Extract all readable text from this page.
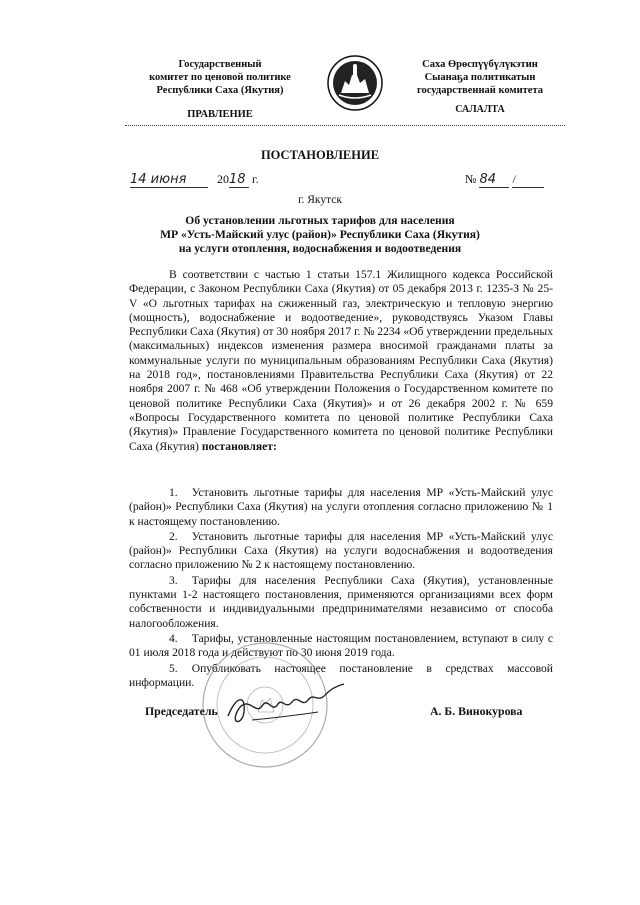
Государственный
комитет по ценовой политике
Республики Саха (Якутия)
Саха Өрөспүүбүлүкэтин
Сыанаҕа политикатын
государственнай комитета
ПРАВЛЕНИЕ	САЛАЛТА
ПОСТАНОВЛЕНИЕ
14 июня	2018 г.	№ 84 /
г. Якутск
Об установлении льготных тарифов для населения
МР «Усть-Майский улус (район)» Республики Саха (Якутия)
на услуги отопления, водоснабжения и водоотведения
В соответствии с частью 1 статьи 157.1 Жилищного кодекса Российской Федерации, с Законом Республики Саха (Якутия) от 05 декабря 2013 г. 1235-З № 25-V «О льготных тарифах на сжиженный газ, электрическую и тепловую энергию (мощность), водоснабжение и водоотведение», руководствуясь Указом Главы Республики Саха (Якутия) от 30 ноября 2017 г. № 2234 «Об утверждении предельных (максимальных) индексов изменения размера вносимой гражданами платы за коммунальные услуги по муниципальным образованиям Республики Саха (Якутия) на 2018 год», постановлениями Правительства Республики Саха (Якутия) от 22 ноября 2007 г. № 468 «Об утверждении Положения о Государственном комитете по ценовой политике Республики Саха (Якутия)» и от 26 декабря 2002 г. № 659 «Вопросы Государственного комитета по ценовой политике Республики Саха (Якутия)» Правление Государственного комитета по ценовой политике Республики Саха (Якутия) постановляет:
1. Установить льготные тарифы для населения МР «Усть-Майский улус (район)» Республики Саха (Якутия) на услуги отопления согласно приложению № 1 к настоящему постановлению.
2. Установить льготные тарифы для населения МР «Усть-Майский улус (район)» Республики Саха (Якутия) на услуги водоснабжения и водоотведения согласно приложению № 2 к настоящему постановлению.
3. Тарифы для населения Республики Саха (Якутия), установленные пунктами 1-2 настоящего постановления, применяются организациями всех форм собственности и индивидуальными предпринимателями независимо от способа налогообложения.
4. Тарифы, установленные настоящим постановлением, вступают в силу с 01 июля 2018 года и действуют по 30 июня 2019 года.
5. Опубликовать настоящее постановление в средствах массовой информации.
Председатель	А. Б. Винокурова
